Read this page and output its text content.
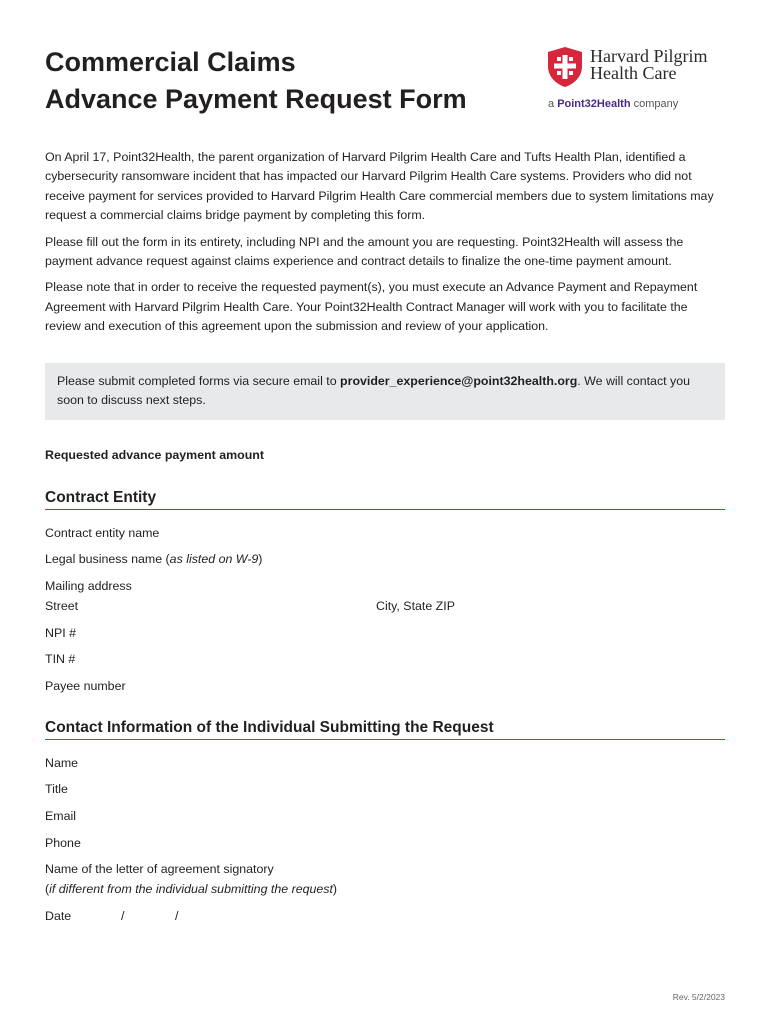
Commercial Claims
Advance Payment Request Form
Harvard Pilgrim
Health Care
a Point32Health company

On April 17, Point32Health, the parent organization of Harvard Pilgrim Health Care and Tufts Health Plan, identified a cybersecurity ransomware incident that has impacted our Harvard Pilgrim Health Care systems. Providers who did not receive payment for services provided to Harvard Pilgrim Health Care commercial members due to system limitations may request a commercial claims bridge payment by completing this form.

Please fill out the form in its entirety, including NPI and the amount you are requesting. Point32Health will assess the payment advance request against claims experience and contract details to finalize the one-time payment amount.

Please note that in order to receive the requested payment(s), you must execute an Advance Payment and Repayment Agreement with Harvard Pilgrim Health Care. Your Point32Health Contract Manager will work with you to facilitate the review and execution of this agreement upon the submission and review of your application.

Please submit completed forms via secure email to provider_experience@point32health.org. We will contact you soon to discuss next steps.
Requested advance payment amount
Contract Entity
Contract entity name
Legal business name (as listed on W-9)
Mailing address
Street	City, State ZIP
NPI #
TIN #
Payee number
Contact Information of the Individual Submitting the Request
Name
Title
Email
Phone
Name of the letter of agreement signatory
(if different from the individual submitting the request)
Date	/	/
Rev. 5/2/2023
